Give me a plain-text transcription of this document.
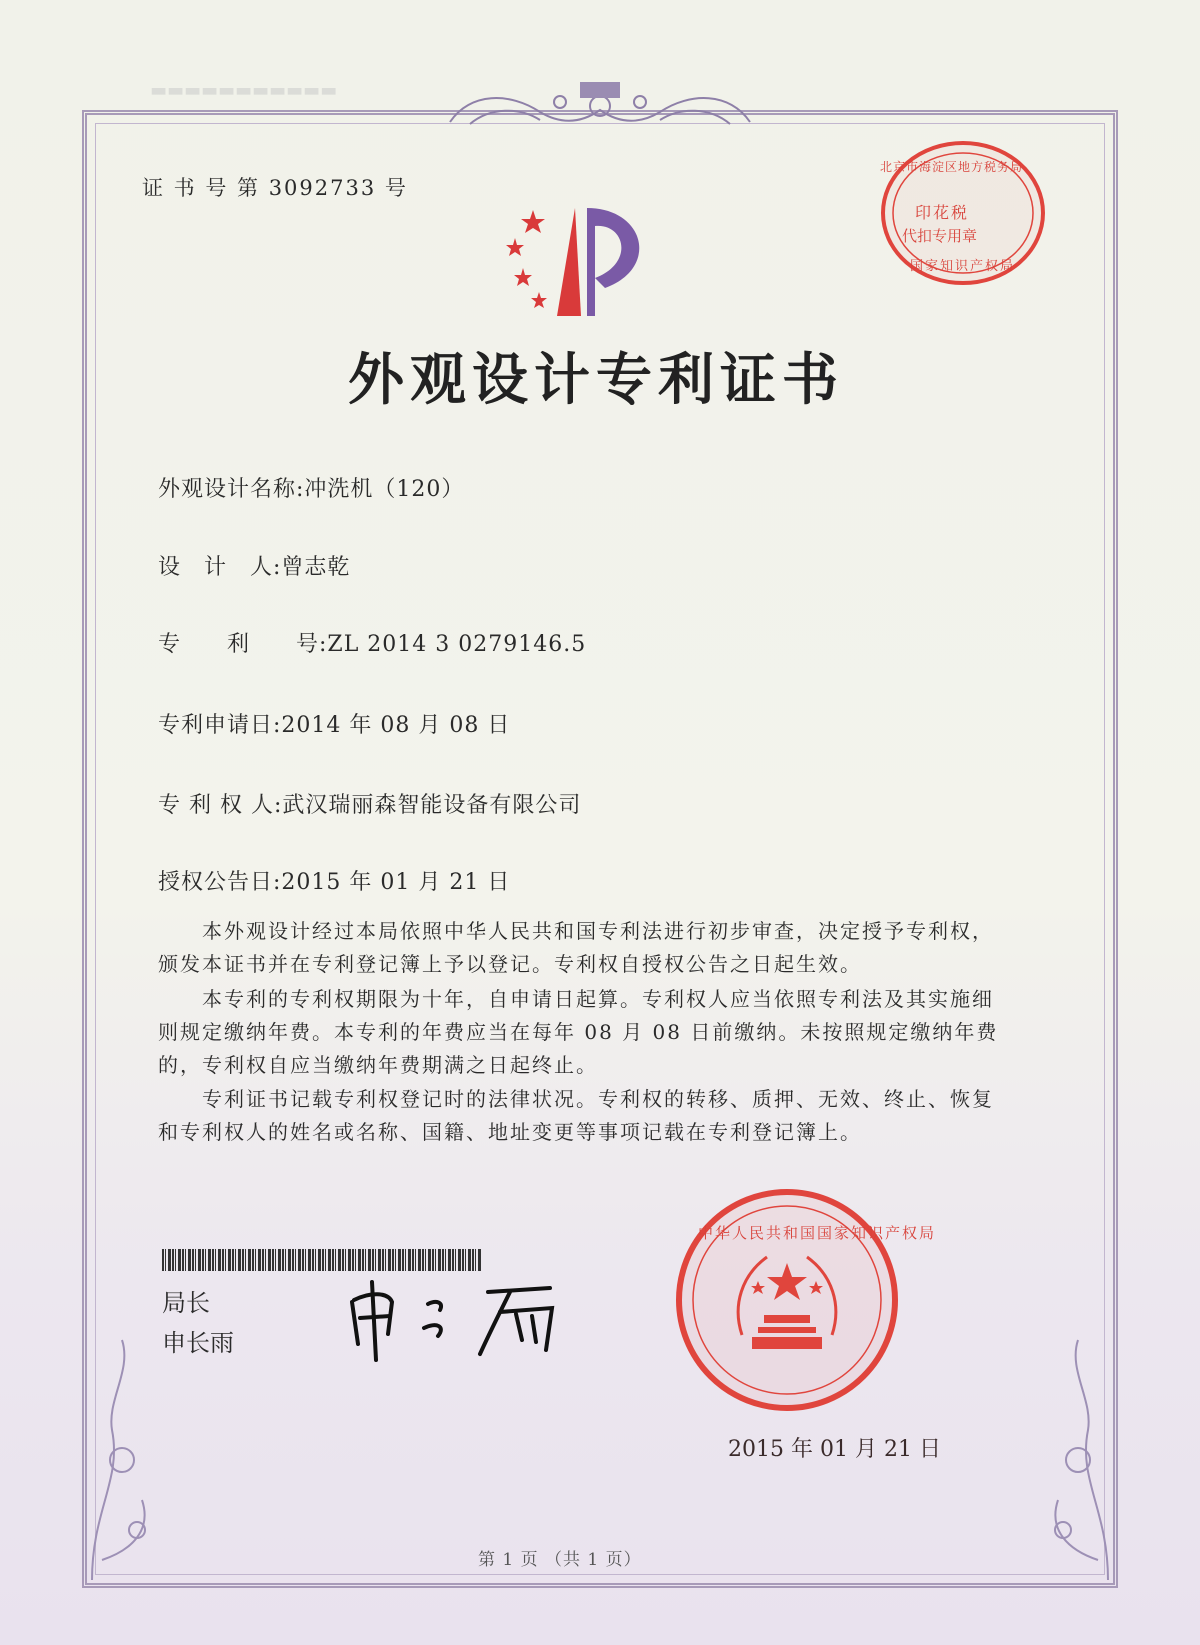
▬▬▬▬▬▬▬▬▬▬▬
证 书 号 第 3092733 号
印花税
代扣专用章
北京市海淀区地方税务局
国家知识产权局
外观设计专利证书
外观设计名称:冲洗机（120）
设　计　人:曾志乾
专　　利　　号:ZL 2014 3 0279146.5
专利申请日:2014 年 08 月 08 日
专 利 权 人:武汉瑞丽森智能设备有限公司
授权公告日:2015 年 01 月 21 日
本外观设计经过本局依照中华人民共和国专利法进行初步审查，决定授予专利权，颁发本证书并在专利登记簿上予以登记。专利权自授权公告之日起生效。
本专利的专利权期限为十年，自申请日起算。专利权人应当依照专利法及其实施细则规定缴纳年费。本专利的年费应当在每年 08 月 08 日前缴纳。未按照规定缴纳年费的，专利权自应当缴纳年费期满之日起终止。
专利证书记载专利权登记时的法律状况。专利权的转移、质押、无效、终止、恢复和专利权人的姓名或名称、国籍、地址变更等事项记载在专利登记簿上。
局长
申长雨
中华人民共和国国家知识产权局
2015 年 01 月 21 日
第 1 页 （共 1 页）
